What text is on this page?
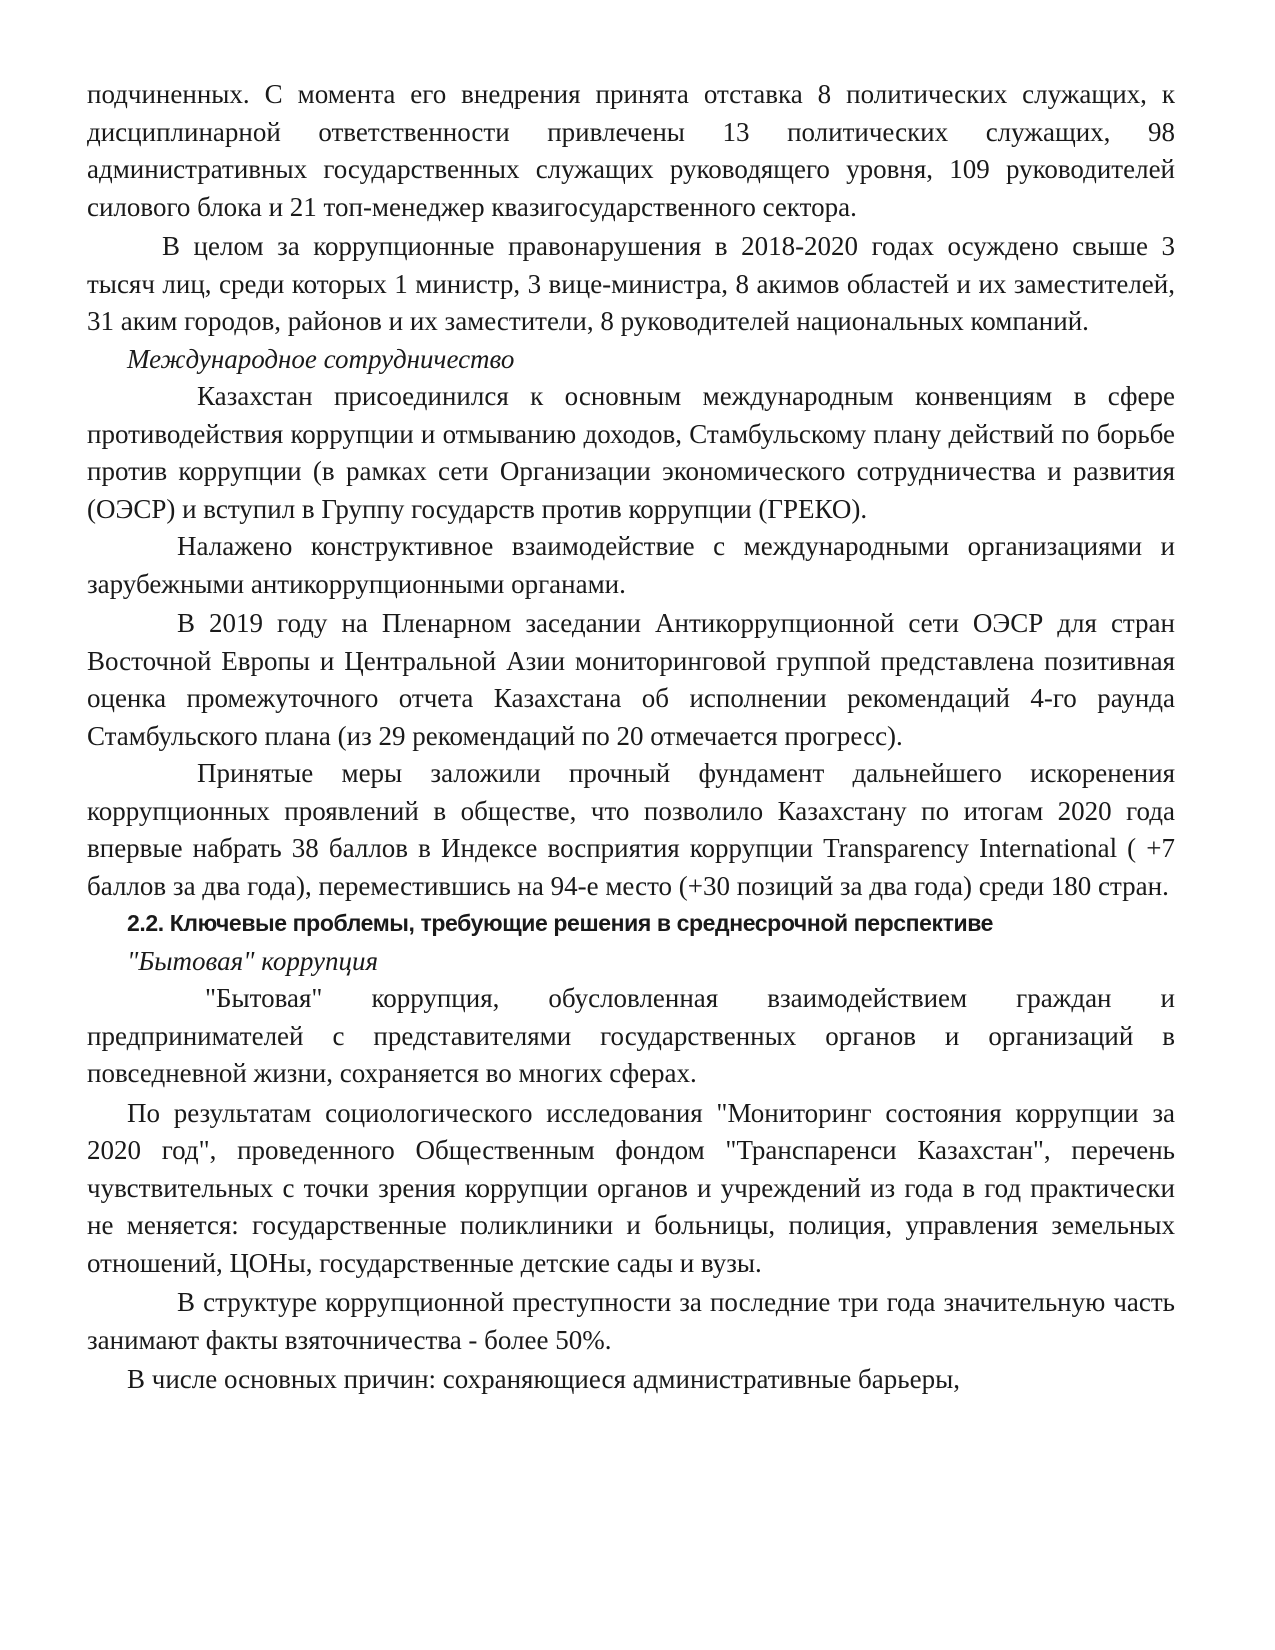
подчиненных. С момента его внедрения принята отставка 8 политических служащих, к дисциплинарной ответственности привлечены 13 политических служащих, 98 административных государственных служащих руководящего уровня, 109 руководителей силового блока и 21 топ-менеджер квазигосударственного сектора.

В целом за коррупционные правонарушения в 2018-2020 годах осуждено свыше 3 тысяч лиц, среди которых 1 министр, 3 вице-министра, 8 акимов областей и их заместителей, 31 аким городов, районов и их заместители, 8 руководителей национальных компаний.

Международное сотрудничество

Казахстан присоединился к основным международным конвенциям в сфере противодействия коррупции и отмыванию доходов, Стамбульскому плану действий по борьбе против коррупции (в рамках сети Организации экономического сотрудничества и развития (ОЭСР) и вступил в Группу государств против коррупции (ГРЕКО).

Налажено конструктивное взаимодействие с международными организациями и зарубежными антикоррупционными органами.

В 2019 году на Пленарном заседании Антикоррупционной сети ОЭСР для стран Восточной Европы и Центральной Азии мониторинговой группой представлена позитивная оценка промежуточного отчета Казахстана об исполнении рекомендаций 4-го раунда Стамбульского плана (из 29 рекомендаций по 20 отмечается прогресс).

Принятые меры заложили прочный фундамент дальнейшего искоренения коррупционных проявлений в обществе, что позволило Казахстану по итогам 2020 года впервые набрать 38 баллов в Индексе восприятия коррупции Transparency International ( +7 баллов за два года), переместившись на 94-е место (+30 позиций за два года) среди 180 стран.

2.2. Ключевые проблемы, требующие решения в среднесрочной перспективе

"Бытовая" коррупция

"Бытовая" коррупция, обусловленная взаимодействием граждан и предпринимателей с представителями государственных органов и организаций в повседневной жизни, сохраняется во многих сферах.

По результатам социологического исследования "Мониторинг состояния коррупции за 2020 год", проведенного Общественным фондом "Транспаренси Казахстан", перечень чувствительных с точки зрения коррупции органов и учреждений из года в год практически не меняется: государственные поликлиники и больницы, полиция, управления земельных отношений, ЦОНы, государственные детские сады и вузы.

В структуре коррупционной преступности за последние три года значительную часть занимают факты взяточничества - более 50%.

В числе основных причин: сохраняющиеся административные барьеры,
